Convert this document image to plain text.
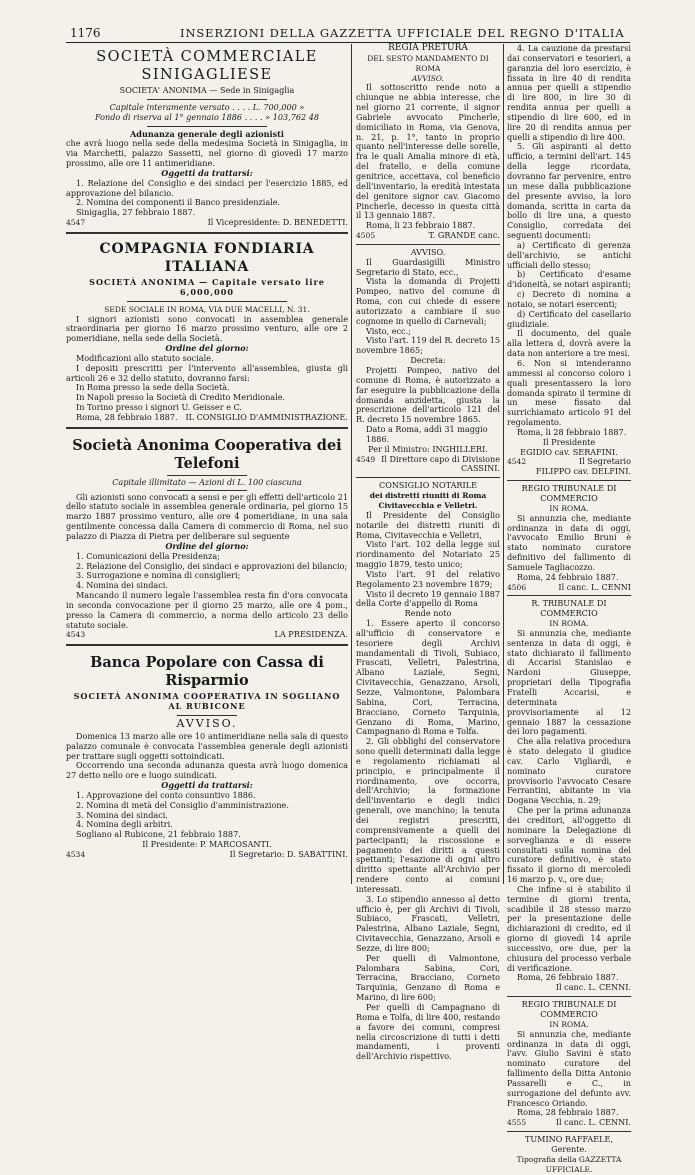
1176	INSERZIONI DELLA GAZZETTA UFFICIALE DEL REGNO D'ITALIA

SOCIETÀ COMMERCIALE SINIGAGLIESE

SOCIETA' ANONIMA — Sede in Sinigaglia

Capitale interamente versato . . . . L. 700,000 »

Fondo di riserva al 1° gennaio 1886 . . . . » 103,762 48

Adunanza generale degli azionisti

che avrà luogo nella sede della medesima Società in Sinigaglia, in via Marchetti, palazzo Sassetti, nel giorno di giovedì 17 marzo prossimo, alle ore 11 antimeridiane.

Oggetti da trattarsi:

1. Relazione del Consiglio e dei sindaci per l'esercizio 1885, ed approvazione del bilancio.

2. Nomina dei componenti il Banco presidenziale.

Sinigaglia, 27 febbraio 1887.

4547	Il Vicepresidente: D. BENEDETTI.

COMPAGNIA FONDIARIA ITALIANA

SOCIETÀ ANONIMA — Capitale versato lire 6,000,000

SEDE SOCIALE IN ROMA, VIA DUE MACELLI, N. 31.

I signori azionisti sono convocati in assemblea generale straordinaria per giorno 16 marzo prossimo venturo, alle ore 2 pomeridiane, nella sede della Società.

Ordine del giorno:

Modificazioni allo statuto sociale.

I depositi prescritti per l'intervento all'assemblea, giusta gli articoli 26 e 32 dello statuto, dovranno farsi:

In Roma presso la sede della Società.

In Napoli presso la Società di Credito Meridionale.

In Torino presso i signori U. Geisser e C.

Roma, 28 febbraio 1887. IL CONSIGLIO D'AMMINISTRAZIONE.

Società Anonima Cooperativa dei Telefoni

Capitale illimitato — Azioni di L. 100 ciascuna

Gli azionisti sono convocati a sensi e per gli effetti dell'articolo 21 dello statuto sociale in assemblea generale ordinaria, pel giorno 15 marzo 1887 prossimo venturo, alle ore 4 pomeridiane, in una sala gentilmente concessa dalla Camera di commercio di Roma, nel suo palazzo di Piazza di Pietra per deliberare sul seguente

Ordine del giorno:

1. Comunicazioni della Presidenza;

2. Relazione del Consiglio, dei sindaci e approvazioni del bilancio;

3. Surrogazione e nomina di consiglieri;

4. Nomina dei sindaci.

Mancando il numero legale l'assemblea resta fin d'ora convocata in seconda convocazione per il giorno 25 marzo, alle ore 4 pom., presso la Camera di commercio, a norma dello articolo 23 dello statuto sociale.

4543	LA PRESIDENZA.

Banca Popolare con Cassa di Risparmio

SOCIETÀ ANONIMA COOPERATIVA IN SOGLIANO AL RUBICONE

AVVISO.

Domenica 13 marzo alle ore 10 antimeridiane nella sala di questo palazzo comunale è convocata l'assemblea generale degli azionisti per trattare sugli oggetti sottoindicati.

Occorrendo una seconda adunanza questa avrà luogo domenica 27 detto nello ore e luogo suindicati.

Oggetti da trattarsi:

1. Approvazione del conto consuntivo 1886.

2. Nomina di metà del Consiglio d'amministrazione.

3. Nomina dei sindaci.

4. Nomina degli arbitri.

Sogliano al Rubicone, 21 febbraio 1887.

Il Presidente: P. MARCOSANTI.

4534	Il Segretario: D. SABATTINI.

REGIA PRETURA

DEL SESTO MANDAMENTO DI ROMA

AVVISO.

Il sottoscritto rende noto a chiunque ne abbia interesse, che nel giorno 21 corrente, il signor Gabriele avvocato Pincherle, domiciliato in Roma, via Genova, n. 21, p. 1°, tanto in proprio quanto nell'interesse delle sorelle, fra le quali Amalia minore di età, del fratello, e della comune genitrice, accettava, col beneficio dell'inventario, la eredità intestata del genitore signor cav. Giacomo Pincherle, decesso in questa città il 13 gennaio 1887.

Roma, li 23 febbraio 1887.

4505	T. GRANDE canc.

AVVISO.

Il Guardasigilli Ministro Segretario di Stato, ecc.,

Vista la domanda di Projetti Pompeo, nativo del comune di Roma, con cui chiede di essere autorizzato a cambiare il suo cognome in quello di Carnevali;

Visto, ecc.;

Visto l'art. 119 del R. decreto 15 novembre 1865;

Decreta:

Projetti Pompeo, nativo del comune di Roma, è autorizzato a far eseguire la pubblicazione della domanda anzidetta, giusta la prescrizione dell'articolo 121 del R. decreto 15 novembre 1865.

Dato a Roma, addì 31 maggio 1886.

Per il Ministro: INGHILLERI.

4549 Il Direttore capo di Divisione

CASSINI.

CONSIGLIO NOTARILE

dei distretti riuniti di Roma

Civitavecchia e Velletri.

Il Presidente del Consiglio notarile dei distretti riuniti di Roma, Civitavecchia e Velletri,

Visto l'art. 102 della legge sul riordinamento del Notariato 25 maggio 1879, testo unico;

Visto l'art. 91 del relativo Regolamento 23 novembre 1879;

Visto il decreto 19 gennaio 1887 della Corte d'appello di Roma

Rende noto

1. Essere aperto il concorso all'ufficio di conservatore e tesoriere degli Archivi mandamentali di Tivoli, Subiaco, Frascati, Velletri, Palestrina, Albano Laziale, Segni, Civitavecchia, Genazzano, Arsoli, Sezze, Valmontone, Palombara Sabina, Cori, Terracina, Bracciano, Corneto Tarquinia, Genzano di Roma, Marino, Campagnano di Roma e Tolfa.

2. Gli obblighi del conservatore sono quelli determinati dalla legge e regolamento richiamati al principio, e principalmente il riordinamento, ove occorra, dell'Archivio; la formazione dell'inventario e degli indici generali, ove manchino; la tenuta dei registri prescritti, comprensivamente a quelli dei partecipanti; la riscossione e pagamento dei diritti a questi spettanti; l'esazione di ogni altro diritto spettante all'Archivio per rendere conto ai comuni interessati.

3. Lo stipendio annesso al detto ufficio è, per gli Archivi di Tivoli, Subiaco, Frascati, Velletri, Palestrina, Albano Laziale, Segni, Civitavecchia, Genazzano, Arsoli e Sezze, di lire 800;

Per quelli di Valmontone, Palombara Sabina, Cori, Terracina, Bracciano, Corneto Tarquinia, Genzano di Roma e Marino, di lire 600;

Per quelli di Campagnano di Roma e Tolfa, di lire 400, restando a favore dei comuni, compresi nella circoscrizione di tutti i detti mandamenti, i proventi dell'Archivio rispettivo.

4. La cauzione da prestarsi dai conservatori e tesorieri, a garanzia del loro esercizio, è fissata in lire 40 di rendita annua per quelli a stipendio di lire 800, in lire 30 di rendita annua per quelli a stipendio di lire 600, ed in lire 20 di rendita annua per quelli a stipendio di lire 400.

5. Gli aspiranti al detto ufficio, a termini dell'art. 145 della legge ricordata, dovranno far pervenire, entro un mese dalla pubblicazione del presente avviso, la loro domanda, scritta in carta da bollo di lire una, a questo Consiglio, corredata dei seguenti documenti:

a) Certificato di gerenza dell'archivio, se antichi ufficiali dello stesso;

b) Certificato d'esame d'idoneità, se notari aspiranti;

c) Decreto di nomina a notaio, se notari esercenti;

d) Certificato del casellario giudiziale.

Il documento, del quale alla lettera d, dovrà avere la data non anteriore a tre mesi.

6. Non si intenderanno ammessi al concorso coloro i quali presentassero la loro domanda spirato il termine di un mese fissato dal surrichiamato articolo 91 del regolamento.

Roma, li 28 febbraio 1887.

Il Presidente

EGIDIO cav. SERAFINI.

4542	Il Segretario

FILIPPO cav. DELFINI.

REGIO TRIBUNALE DI COMMERCIO

IN ROMA.

Si annunzia che, mediante ordinanza in data di oggi, l'avvocato Emilio Bruni è stato nominato curatore definitivo del fallimento di Samuele Tagliacozzo.

Roma, 24 febbraio 1887.

4506	Il canc. L. CENNI

R. TRIBUNALE DI COMMERCIO

IN ROMA.

Si annunzia che, mediante sentenza in data di oggi, è stato dichiarato il fallimento di Accarisi Stanislao e Nardoni Giuseppe, proprietari della Tipografia Fratelli Accarisi, e determinata provvisoriamente al 12 gennaio 1887 la cessazione dei loro pagamenti.

Che alla relativa procedura è stato delegato il giudice cav. Carlo Vigliardi, e nominato curatore provvisorio l'avvocato Cesare Ferrantini, abitante in via Dogana Vecchia, n. 29;

Che per la prima adunanza dei creditori, all'oggetto di nominare la Delegazione di sorveglianza e di essere consultati sulla nomina del curatore definitivo, è stato fissato il giorno di mercoledì 16 marzo p. v., ore due;

Che infine si è stabilito il termine di giorni trenta, scadibile il 28 stesso marzo per la presentazione delle dichiarazioni di credito, ed il giorno di giovedì 14 aprile successivo, ore due, per la chiusura del processo verbale di verificazione.

Roma, 26 febbraio 1887.

Il canc. L. CENNI.

REGIO TRIBUNALE DI COMMERCIO

IN ROMA.

Si annunzia che, mediante ordinanza in data di oggi, l'avv. Giulio Savini è stato nominato curatore del fallimento della Ditta Antonio Passarelli e C., in surrogazione del defunto avv. Francesco Oriando.

Roma, 28 febbraio 1887.

4555	Il canc. L. CENNI.

TUMINO RAFFAELE, Gerente.

Tipografia della GAZZETTA UFFICIALE.
